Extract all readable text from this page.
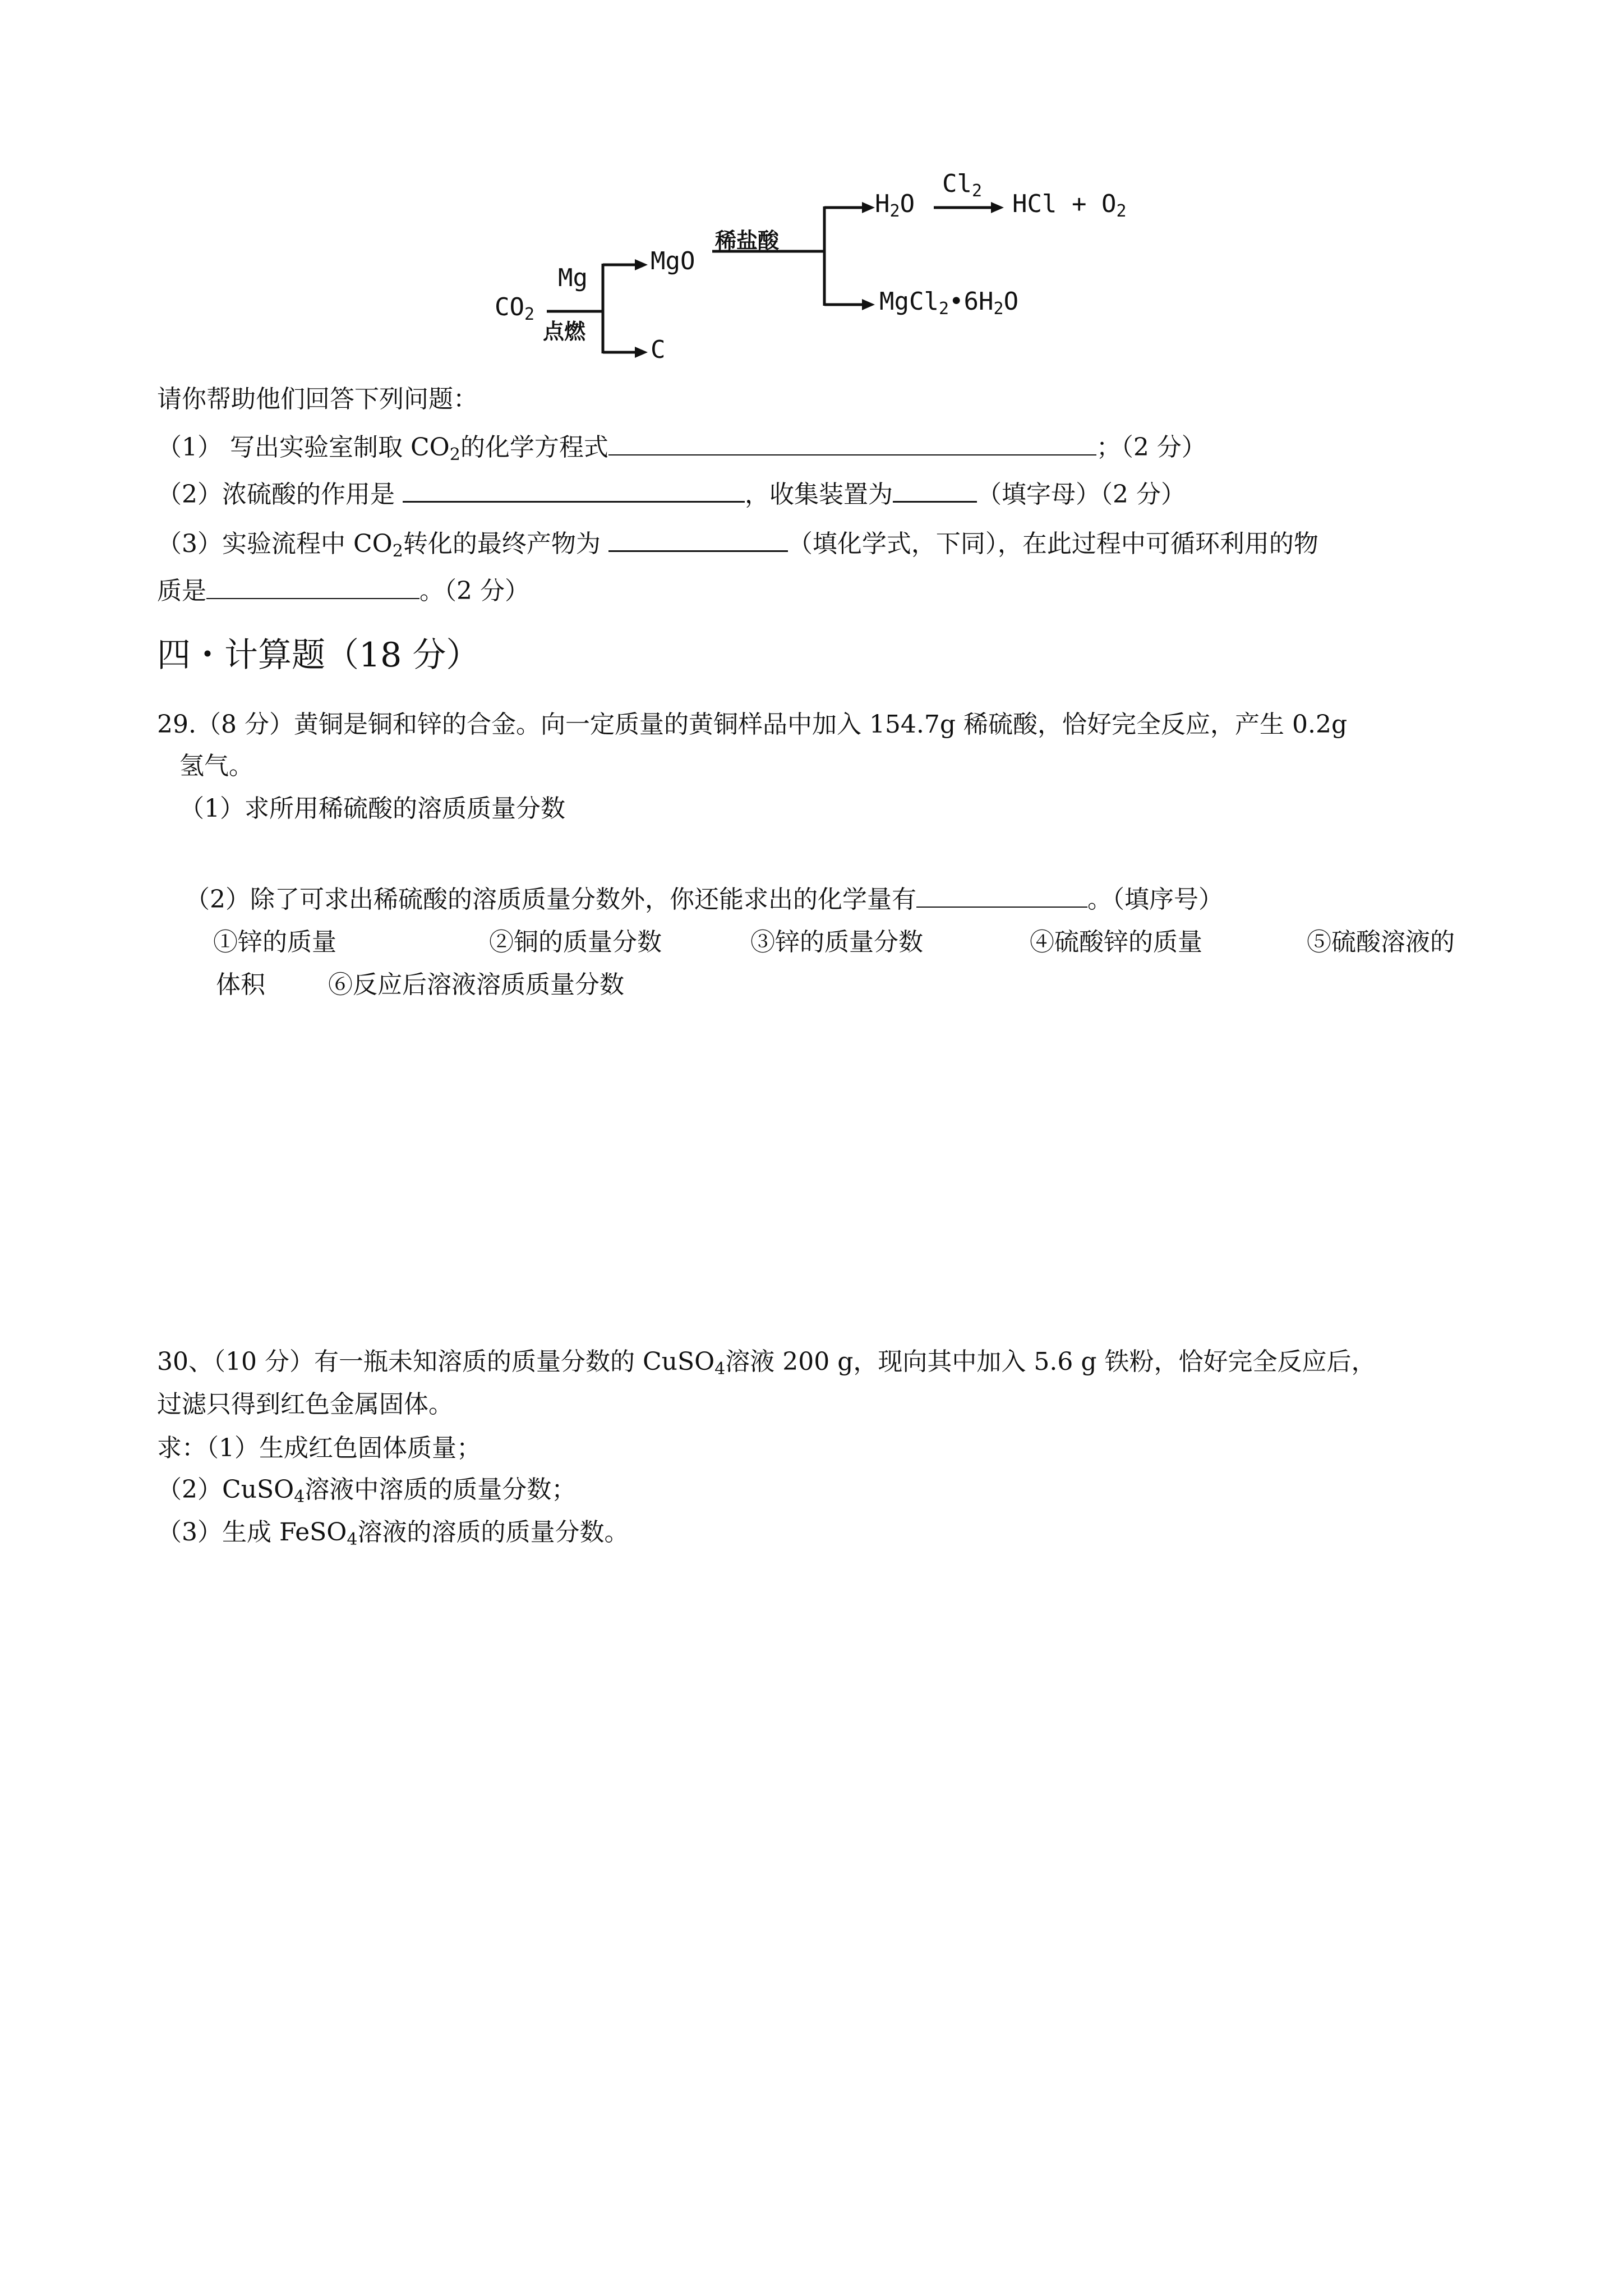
$CO_2$
Mg
点燃
MgO
C
稀盐酸
$H_2O$
$Cl_2$ HCl + $O_2$
$MgCl_2•6H_2O$
请你帮助他们回答下列问题：
（1） 写出实验室制取 $CO_2$的化学方程式	；（2 分）
（2）浓硫酸的作用是	，收集装置为	（填字母）（2 分）
（3）实验流程中 $CO_2$转化的最终产物为	（填化学式，下同），在此过程中可循环利用的物
质是	。（2 分）
四・计算题（18 分）
29.（8 分）黄铜是铜和锌的合金。向一定质量的黄铜样品中加入 154.7g 稀硫酸，恰好完全反应，产生 0.2g
氢气。
（1）求所用稀硫酸的溶质质量分数
（2）除了可求出稀硫酸的溶质质量分数外，你还能求出的化学量有	。（填序号）
①锌的质量	②铜的质量分数	③锌的质量分数	④硫酸锌的质量	⑤硫酸溶液的
体积	⑥反应后溶液溶质质量分数
30、（10 分）有一瓶未知溶质的质量分数的 CuSO$_4$溶液 200 g，现向其中加入 5.6 g 铁粉，恰好完全反应后，
过滤只得到红色金属固体。
求：（1）生成红色固体质量；
（2）CuSO$_4$溶液中溶质的质量分数；
（3）生成 FeSO$_4$溶液的溶质的质量分数。
